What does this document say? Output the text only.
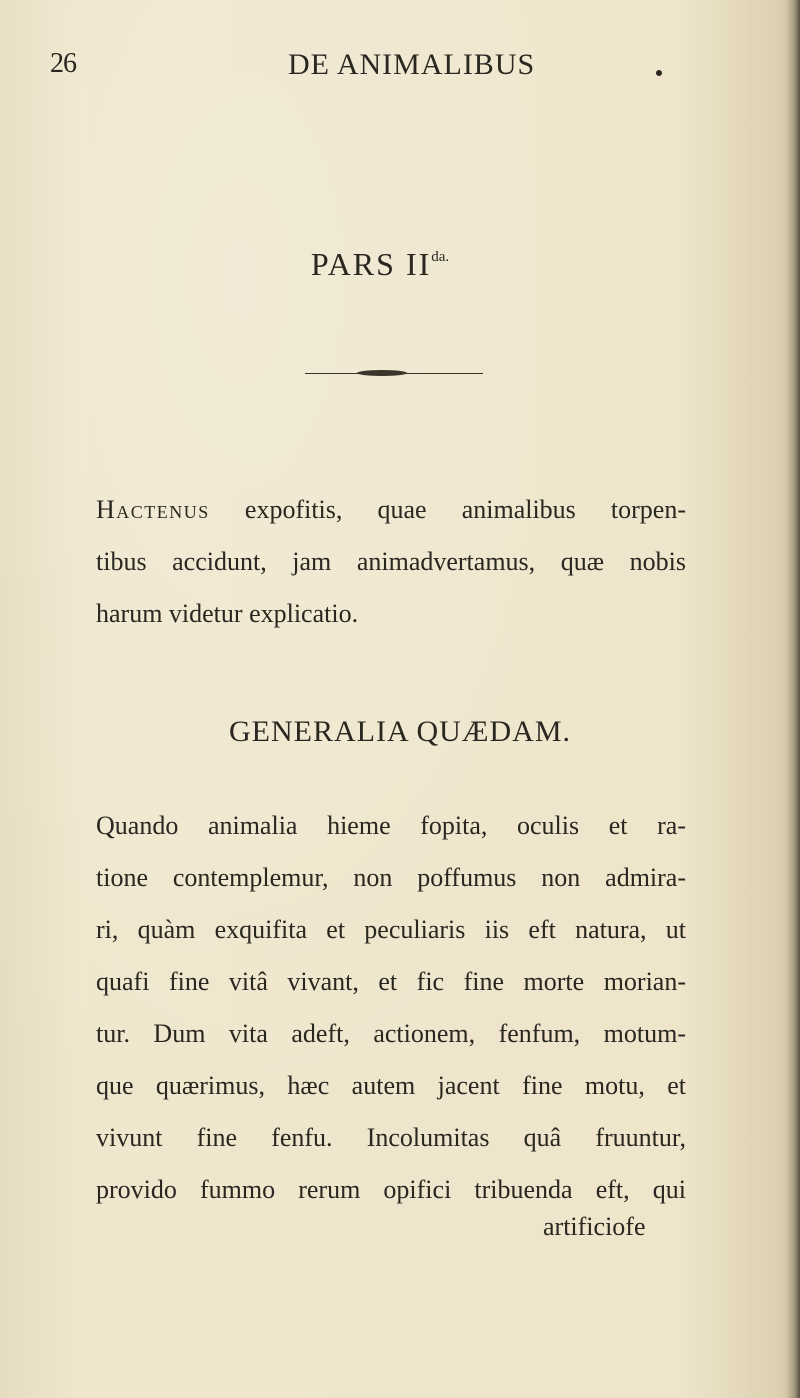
26	DE ANIMALIBUS
PARS $II^{da.}$
Hactenus expofitis, quae animalibus torpen-
tibus accidunt, jam animadvertamus, quæ nobis
harum videtur explicatio.
GENERALIA QUÆDAM.
Quando animalia hieme fopita, oculis et ra-
tione contemplemur, non poffumus non admira-
ri, quàm exquifita et peculiaris iis eft natura, ut
quafi fine vitâ vivant, et fic fine morte morian-
tur. Dum vita adeft, actionem, fenfum, motum-
que quærimus, hæc autem jacent fine motu, et
vivunt fine fenfu. Incolumitas quâ fruuntur,
provido fummo rerum opifici tribuenda eft, qui
artificiofe
